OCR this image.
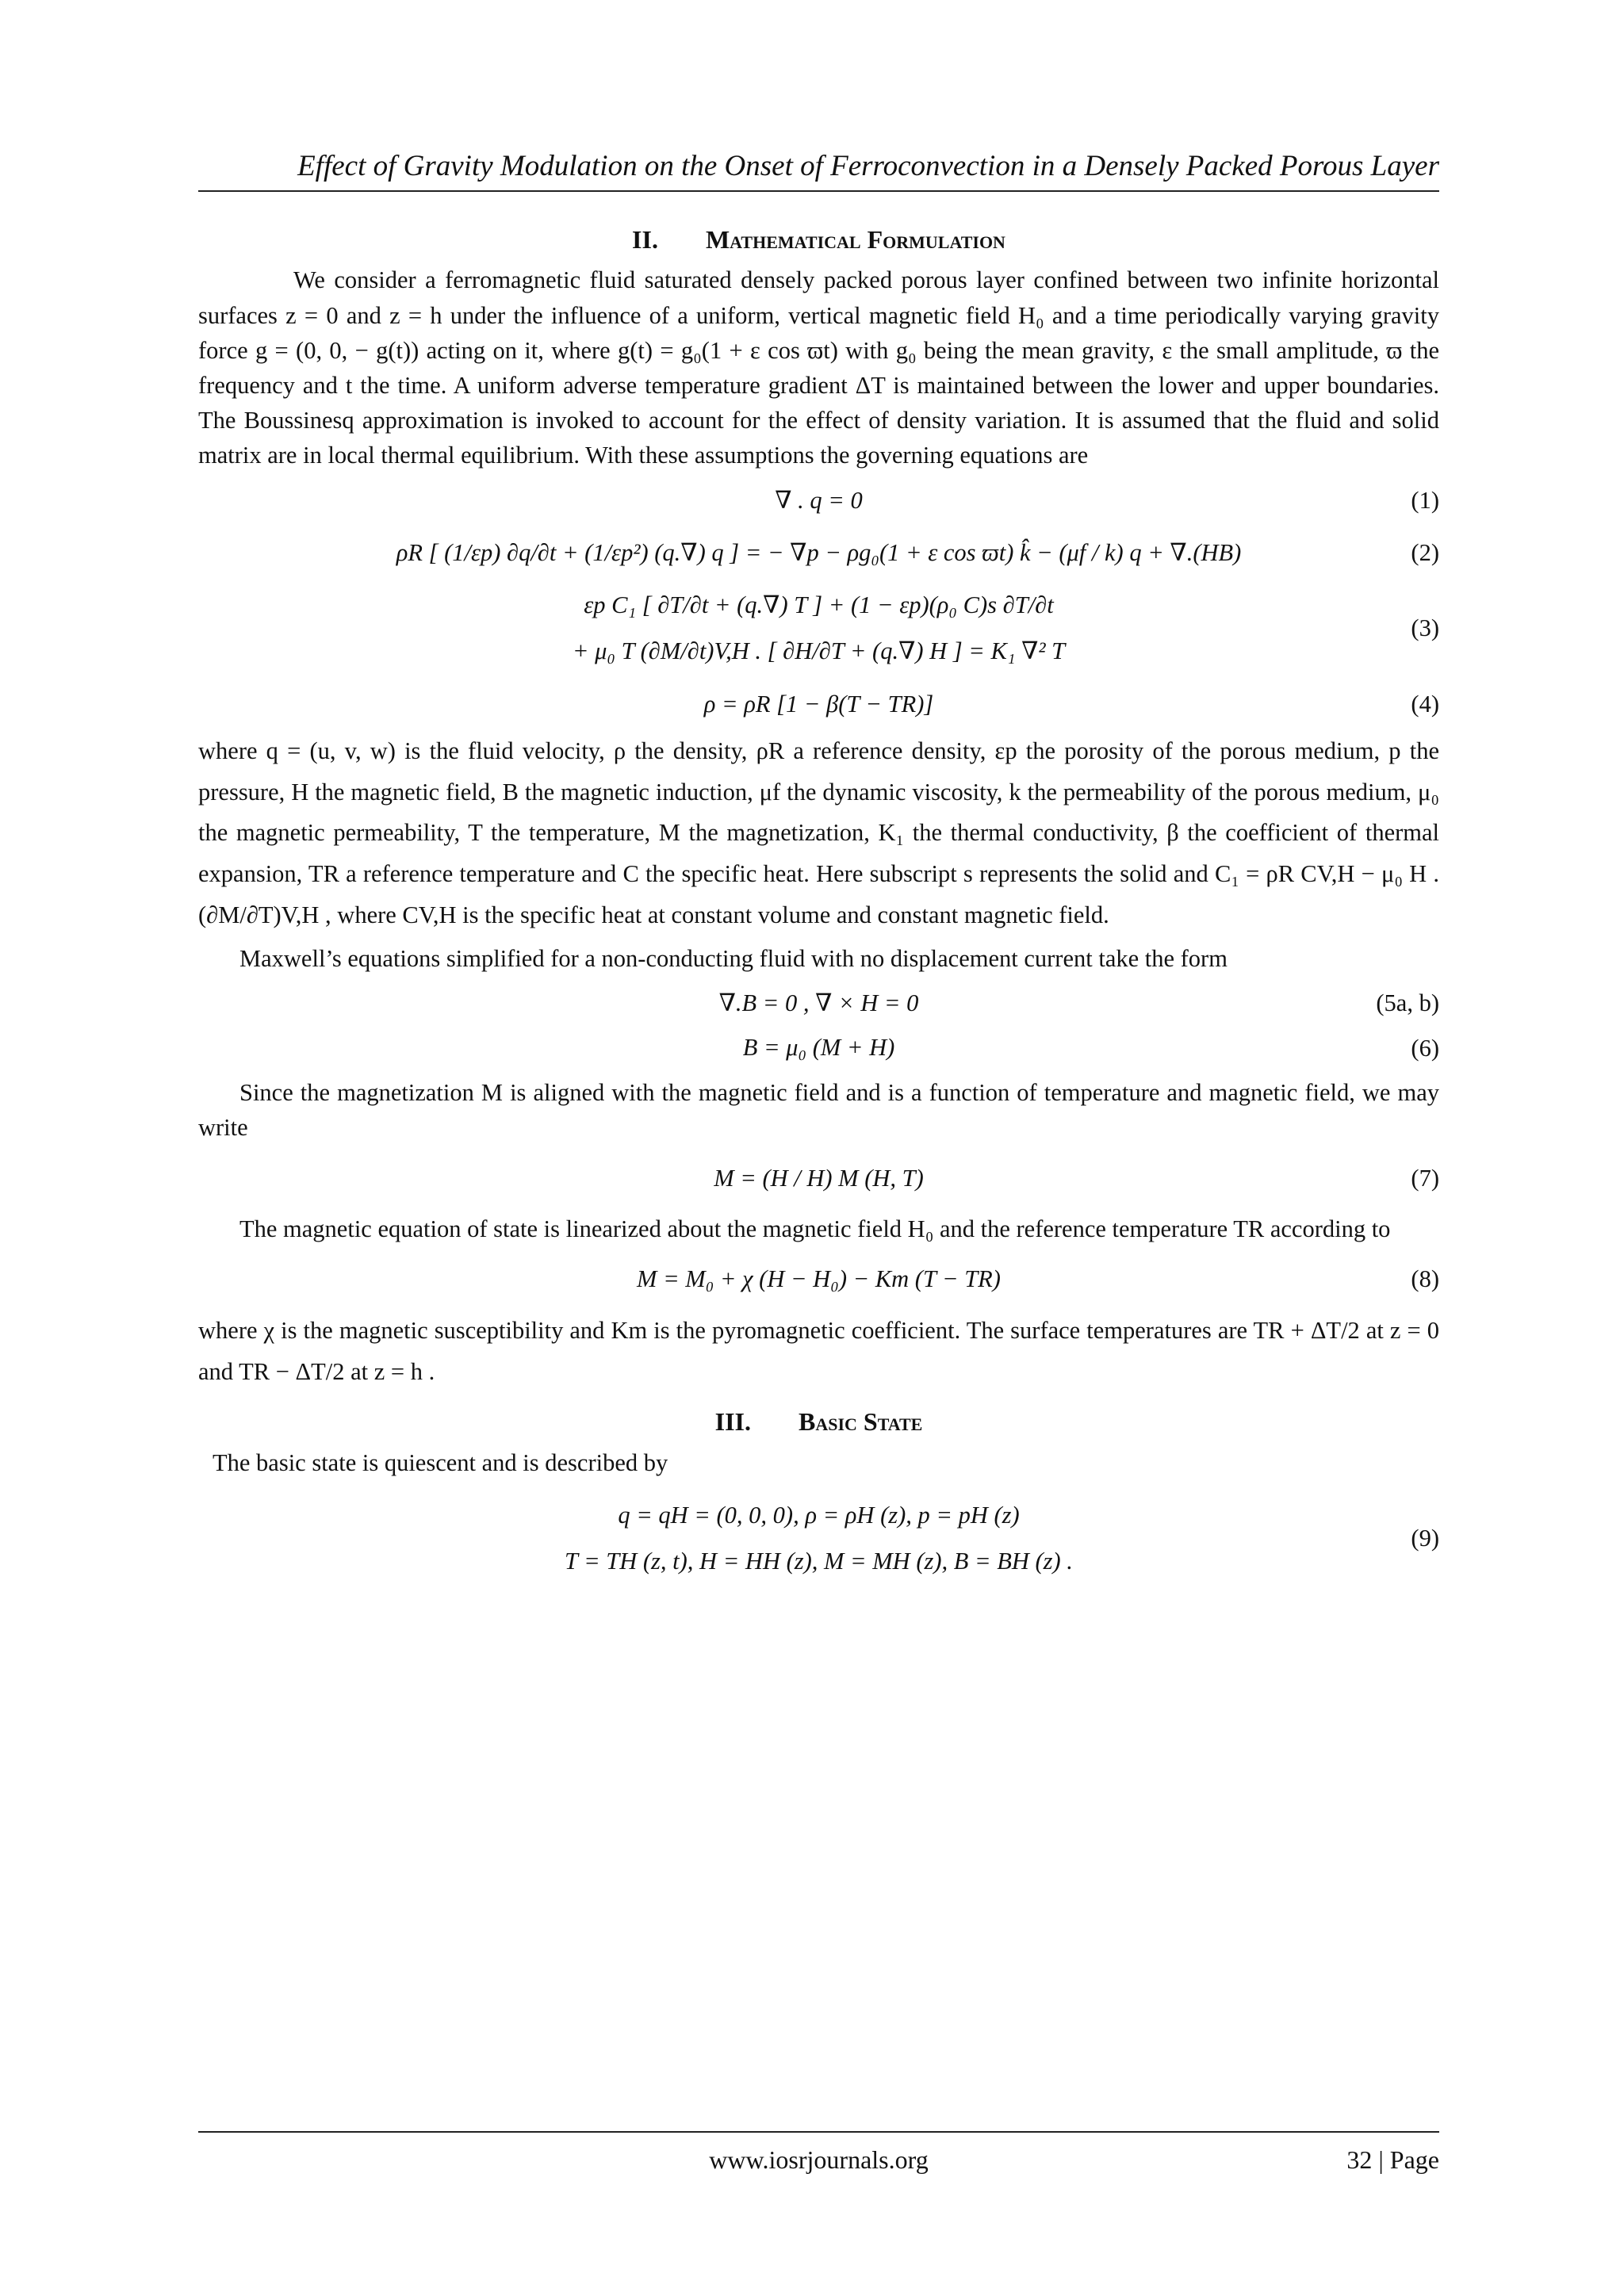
Effect of Gravity Modulation on the Onset of Ferroconvection in a Densely Packed Porous Layer
II. Mathematical Formulation

We consider a ferromagnetic fluid saturated densely packed porous layer confined between two infinite horizontal surfaces z = 0 and z = h under the influence of a uniform, vertical magnetic field H₀ and a time periodically varying gravity force g = (0, 0, − g(t)) acting on it, where g(t) = g₀(1 + ε cos ϖt) with g₀ being the mean gravity, ε the small amplitude, ϖ the frequency and t the time. A uniform adverse temperature gradient ΔT is maintained between the lower and upper boundaries. The Boussinesq approximation is invoked to account for the effect of density variation. It is assumed that the fluid and solid matrix are in local thermal equilibrium. With these assumptions the governing equations are

∇ . q = 0	(1)
ρR [ (1/εp) ∂q/∂t + (1/εp²) (q.∇) q ] = − ∇p − ρg₀(1 + ε cos ϖt) k̂ − (μf / k) q + ∇.(HB)	(2)
εp C₁ [ ∂T/∂t + (q.∇) T ] + (1 − εp)(ρ₀ C)s ∂T/∂t
+ μ₀ T (∂M/∂t)V,H . [ ∂H/∂T + (q.∇) H ] = K₁ ∇² T
(3)
ρ = ρR [1 − β(T − TR)]	(4)

where q = (u, v, w) is the fluid velocity, ρ the density, ρR a reference density, εp the porosity of the porous medium, p the pressure, H the magnetic field, B the magnetic induction, μf the dynamic viscosity, k the permeability of the porous medium, μ₀ the magnetic permeability, T the temperature, M the magnetization, K₁ the thermal conductivity, β the coefficient of thermal expansion, TR a reference temperature and C the specific heat. Here subscript s represents the solid and C₁ = ρR CV,H − μ₀ H . (∂M/∂T)V,H , where CV,H is the specific heat at constant volume and constant magnetic field.

Maxwell’s equations simplified for a non-conducting fluid with no displacement current take the form

∇.B = 0 , ∇ × H = 0	(5a, b)
B = μ₀ (M + H)	(6)

Since the magnetization M is aligned with the magnetic field and is a function of temperature and magnetic field, we may write

M = (H / H) M (H, T)	(7)

The magnetic equation of state is linearized about the magnetic field H₀ and the reference temperature TR according to

M = M₀ + χ (H − H₀) − Km (T − TR)	(8)

where χ is the magnetic susceptibility and Km is the pyromagnetic coefficient. The surface temperatures are TR + ΔT/2 at z = 0 and TR − ΔT/2 at z = h .

III. Basic State

The basic state is quiescent and is described by

q = qH = (0, 0, 0), ρ = ρH (z), p = pH (z)
T = TH (z, t), H = HH (z), M = MH (z), B = BH (z) .
(9)
www.iosrjournals.org	32 | Page
